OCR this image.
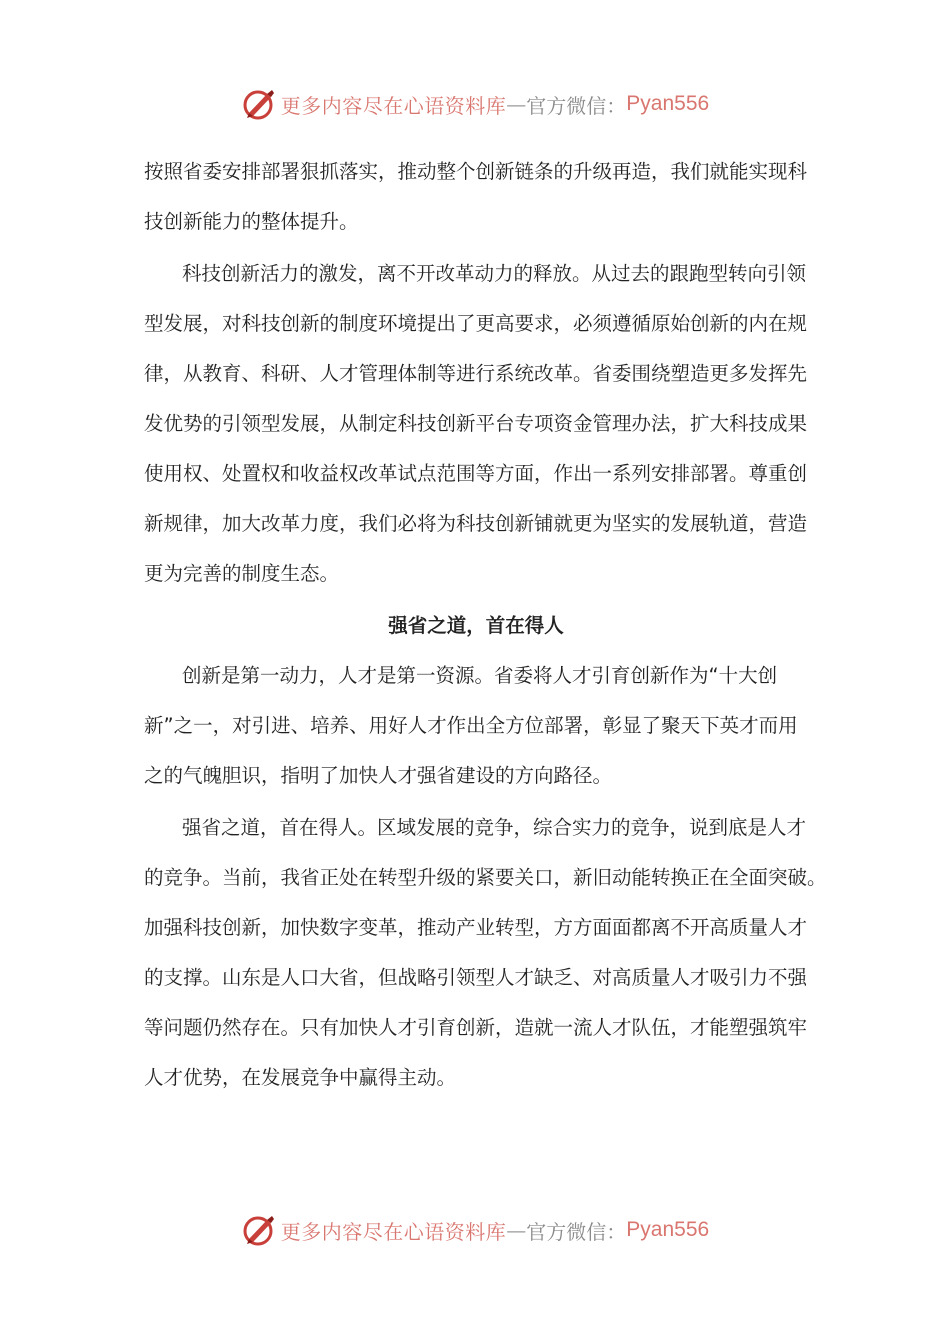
更多内容尽在心语资料库 — 官方微信： Pyan556
按照省委安排部署狠抓落实，推动整个创新链条的升级再造，我们就能实现科
技创新能力的整体提升。
科技创新活力的激发，离不开改革动力的释放。从过去的跟跑型转向引领
型发展，对科技创新的制度环境提出了更高要求，必须遵循原始创新的内在规
律，从教育、科研、人才管理体制等进行系统改革。省委围绕塑造更多发挥先
发优势的引领型发展，从制定科技创新平台专项资金管理办法，扩大科技成果
使用权、处置权和收益权改革试点范围等方面，作出一系列安排部署。尊重创
新规律，加大改革力度，我们必将为科技创新铺就更为坚实的发展轨道，营造
更为完善的制度生态。
强省之道，首在得人
创新是第一动力，人才是第一资源。省委将人才引育创新作为“十大创
新”之一，对引进、培养、用好人才作出全方位部署，彰显了聚天下英才而用
之的气魄胆识，指明了加快人才强省建设的方向路径。
强省之道，首在得人。区域发展的竞争，综合实力的竞争，说到底是人才
的竞争。当前，我省正处在转型升级的紧要关口，新旧动能转换正在全面突破。
加强科技创新，加快数字变革，推动产业转型，方方面面都离不开高质量人才
的支撑。山东是人口大省，但战略引领型人才缺乏、对高质量人才吸引力不强
等问题仍然存在。只有加快人才引育创新，造就一流人才队伍，才能塑强筑牢
人才优势，在发展竞争中赢得主动。
更多内容尽在心语资料库 — 官方微信： Pyan556
